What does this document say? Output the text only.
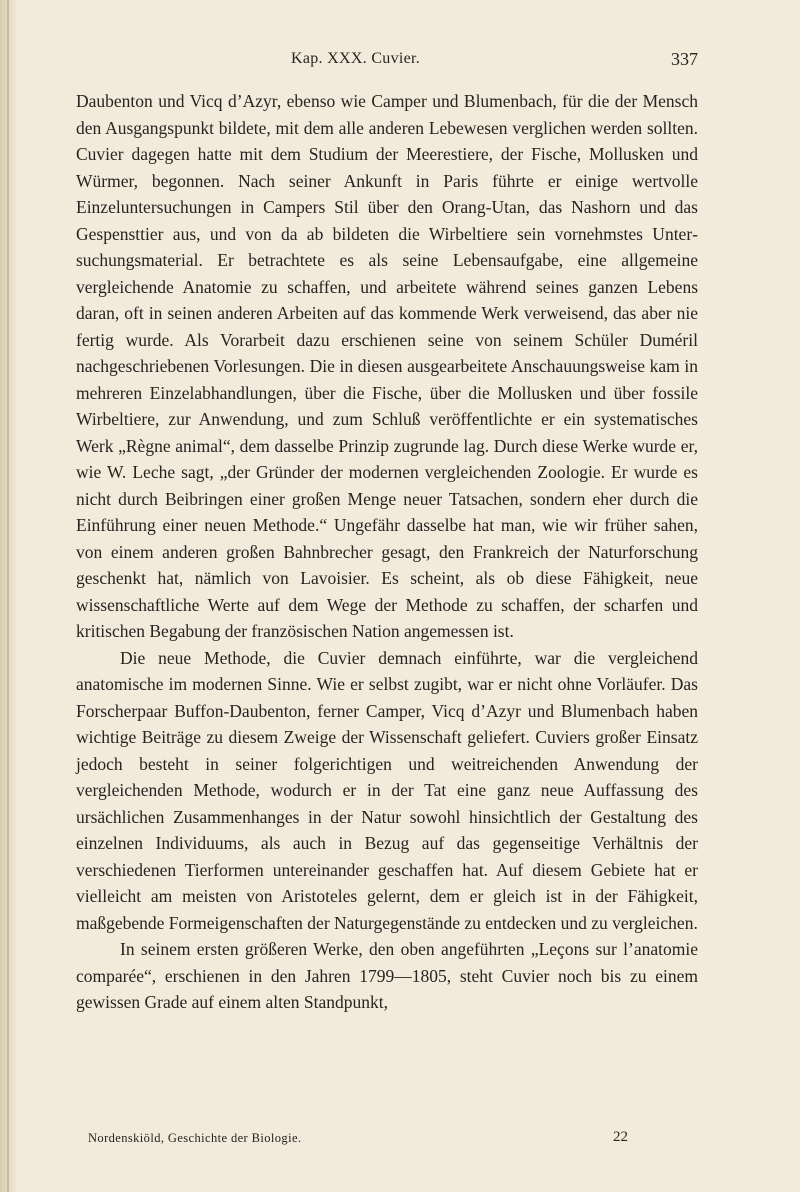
Kap. XXX. Cuvier.	337

Daubenton und Vicq d’Azyr, ebenso wie Camper und Blumenbach, für die der Mensch den Ausgangspunkt bildete, mit dem alle anderen Lebewesen verglichen werden sollten. Cuvier dagegen hatte mit dem Studium der Meerestiere, der Fische, Mollusken und Würmer, begonnen. Nach seiner Ankunft in Paris führte er einige wertvolle Einzeluntersuchungen in Campers Stil über den Orang-Utan, das Nashorn und das Gespensttier aus, und von da ab bildeten die Wirbeltiere sein vornehmstes Untersuchungsmaterial. Er betrachtete es als seine Lebensaufgabe, eine allgemeine vergleichende Anatomie zu schaffen, und arbeitete während seines ganzen Lebens daran, oft in seinen anderen Arbeiten auf das kommende Werk verweisend, das aber nie fertig wurde. Als Vorarbeit dazu erschienen seine von seinem Schüler Duméril nachgeschriebenen Vorlesungen. Die in diesen ausgearbeitete Anschauungsweise kam in mehreren Einzelabhandlungen, über die Fische, über die Mollusken und über fossile Wirbeltiere, zur Anwendung, und zum Schluß veröffentlichte er ein systematisches Werk „Règne animal“, dem dasselbe Prinzip zugrunde lag. Durch diese Werke wurde er, wie W. Leche sagt, „der Gründer der modernen vergleichenden Zoologie. Er wurde es nicht durch Beibringen einer großen Menge neuer Tatsachen, sondern eher durch die Einführung einer neuen Methode.“ Ungefähr dasselbe hat man, wie wir früher sahen, von einem anderen großen Bahnbrecher gesagt, den Frankreich der Naturforschung geschenkt hat, nämlich von Lavoisier. Es scheint, als ob diese Fähigkeit, neue wissenschaftliche Werte auf dem Wege der Methode zu schaffen, der scharfen und kritischen Begabung der französischen Nation angemessen ist.

Die neue Methode, die Cuvier demnach einführte, war die vergleichend anatomische im modernen Sinne. Wie er selbst zugibt, war er nicht ohne Vorläufer. Das Forscherpaar Buffon-Daubenton, ferner Camper, Vicq d’Azyr und Blumenbach haben wichtige Beiträge zu diesem Zweige der Wissenschaft geliefert. Cuviers großer Einsatz jedoch besteht in seiner folgerichtigen und weitreichenden Anwendung der vergleichenden Methode, wodurch er in der Tat eine ganz neue Auffassung des ursächlichen Zusammenhanges in der Natur sowohl hinsichtlich der Gestaltung des einzelnen Individuums, als auch in Bezug auf das gegenseitige Verhältnis der verschiedenen Tierformen untereinander geschaffen hat. Auf diesem Gebiete hat er vielleicht am meisten von Aristoteles gelernt, dem er gleich ist in der Fähigkeit, maßgebende Formeigenschaften der Naturgegenstände zu entdecken und zu vergleichen.

In seinem ersten größeren Werke, den oben angeführten „Leçons sur l’anatomie comparée“, erschienen in den Jahren 1799—1805, steht Cuvier noch bis zu einem gewissen Grade auf einem alten Standpunkt,

Nordenskiöld, Geschichte der Biologie.	22
